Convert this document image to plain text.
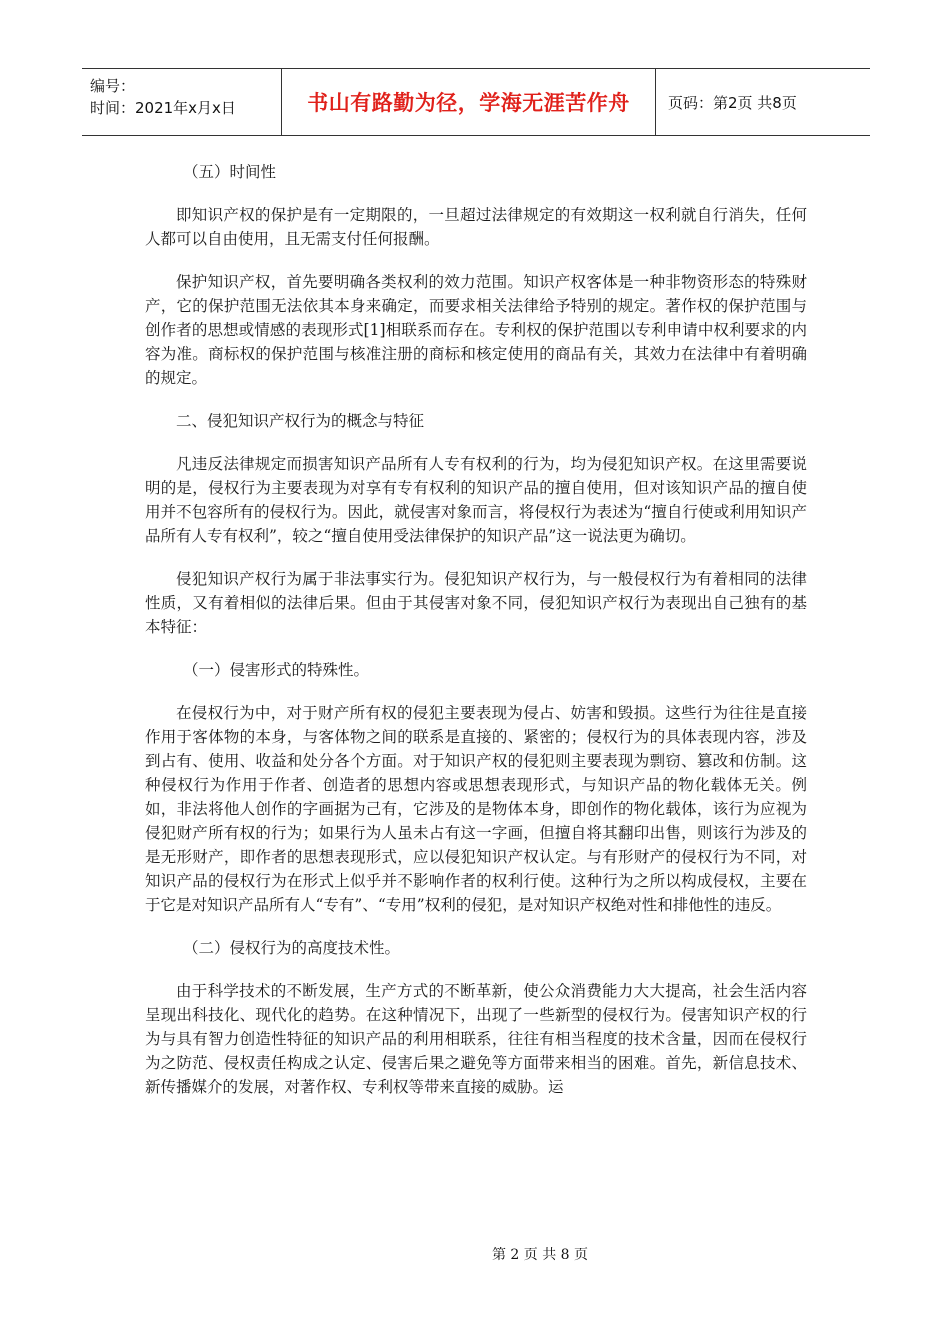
编号：
时间：2021年x月x日	书山有路勤为径，学海无涯苦作舟	页码：第2页 共8页

（五）时间性

即知识产权的保护是有一定期限的，一旦超过法律规定的有效期这一权利就自行消失，任何人都可以自由使用，且无需支付任何报酬。

保护知识产权，首先要明确各类权利的效力范围。知识产权客体是一种非物资形态的特殊财产，它的保护范围无法依其本身来确定，而要求相关法律给予特别的规定。著作权的保护范围与创作者的思想或情感的表现形式[1]相联系而存在。专利权的保护范围以专利申请中权利要求的内容为准。商标权的保护范围与核准注册的商标和核定使用的商品有关，其效力在法律中有着明确的规定。

二、侵犯知识产权行为的概念与特征

凡违反法律规定而损害知识产品所有人专有权利的行为，均为侵犯知识产权。在这里需要说明的是，侵权行为主要表现为对享有专有权利的知识产品的擅自使用，但对该知识产品的擅自使用并不包容所有的侵权行为。因此，就侵害对象而言，将侵权行为表述为“擅自行使或利用知识产品所有人专有权利”，较之“擅自使用受法律保护的知识产品”这一说法更为确切。

侵犯知识产权行为属于非法事实行为。侵犯知识产权行为，与一般侵权行为有着相同的法律性质，又有着相似的法律后果。但由于其侵害对象不同，侵犯知识产权行为表现出自己独有的基本特征：

（一）侵害形式的特殊性。

在侵权行为中，对于财产所有权的侵犯主要表现为侵占、妨害和毁损。这些行为往往是直接作用于客体物的本身，与客体物之间的联系是直接的、紧密的；侵权行为的具体表现内容，涉及到占有、使用、收益和处分各个方面。对于知识产权的侵犯则主要表现为剽窃、篡改和仿制。这种侵权行为作用于作者、创造者的思想内容或思想表现形式，与知识产品的物化载体无关。例如，非法将他人创作的字画据为己有，它涉及的是物体本身，即创作的物化载体，该行为应视为侵犯财产所有权的行为；如果行为人虽未占有这一字画，但擅自将其翻印出售，则该行为涉及的是无形财产，即作者的思想表现形式，应以侵犯知识产权认定。与有形财产的侵权行为不同，对知识产品的侵权行为在形式上似乎并不影响作者的权利行使。这种行为之所以构成侵权，主要在于它是对知识产品所有人“专有”、“专用”权利的侵犯，是对知识产权绝对性和排他性的违反。

（二）侵权行为的高度技术性。

由于科学技术的不断发展，生产方式的不断革新，使公众消费能力大大提高，社会生活内容呈现出科技化、现代化的趋势。在这种情况下，出现了一些新型的侵权行为。侵害知识产权的行为与具有智力创造性特征的知识产品的利用相联系，往往有相当程度的技术含量，因而在侵权行为之防范、侵权责任构成之认定、侵害后果之避免等方面带来相当的困难。首先，新信息技术、新传播媒介的发展，对著作权、专利权等带来直接的威胁。运

第 2 页 共 8 页
